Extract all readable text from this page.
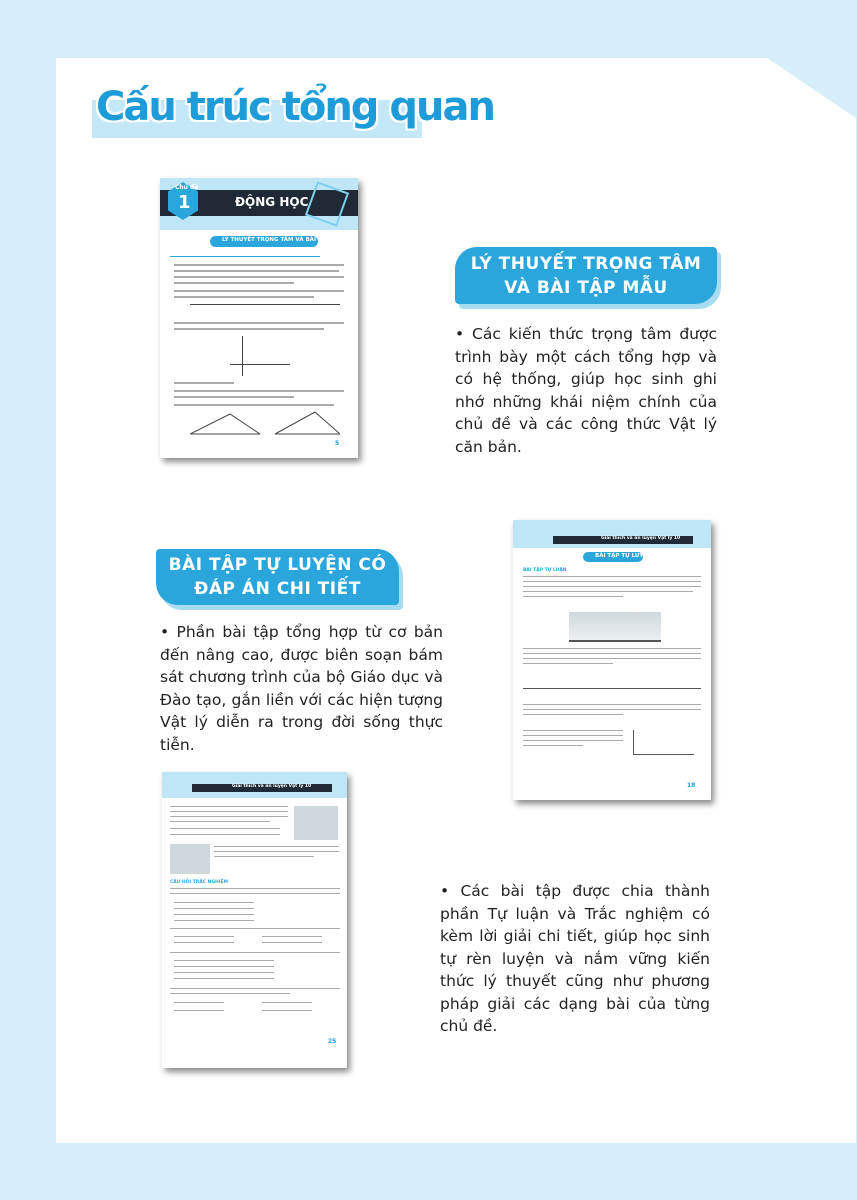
Cấu trúc tổng quan
Chủ đề
1	ĐỘNG HỌC
LÝ THUYẾT TRỌNG TÂM VÀ BÀI TẬP MẪU
5
LÝ THUYẾT TRỌNG TÂM
VÀ BÀI TẬP MẪU
• Các kiến thức trọng tâm được trình bày một cách tổng hợp và có hệ thống, giúp học sinh ghi nhớ những khái niệm chính của chủ đề và các công thức Vật lý căn bản.
Giải thích và ôn luyện Vật lý 10
BÀI TẬP TỰ LUYỆN
BÀI TẬP TỰ LUẬN
18
BÀI TẬP TỰ LUYỆN CÓ
ĐÁP ÁN CHI TIẾT
• Phần bài tập tổng hợp từ cơ bản đến nâng cao, được biên soạn bám sát chương trình của bộ Giáo dục và Đào tạo, gắn liền với các hiện tượng Vật lý diễn ra trong đời sống thực tiễn.
Giải thích và ôn luyện Vật lý 10
CÂU HỎI TRẮC NGHIỆM
25
• Các bài tập được chia thành phần Tự luận và Trắc nghiệm có kèm lời giải chi tiết, giúp học sinh tự rèn luyện và nắm vững kiến thức lý thuyết cũng như phương pháp giải các dạng bài của từng chủ đề.
